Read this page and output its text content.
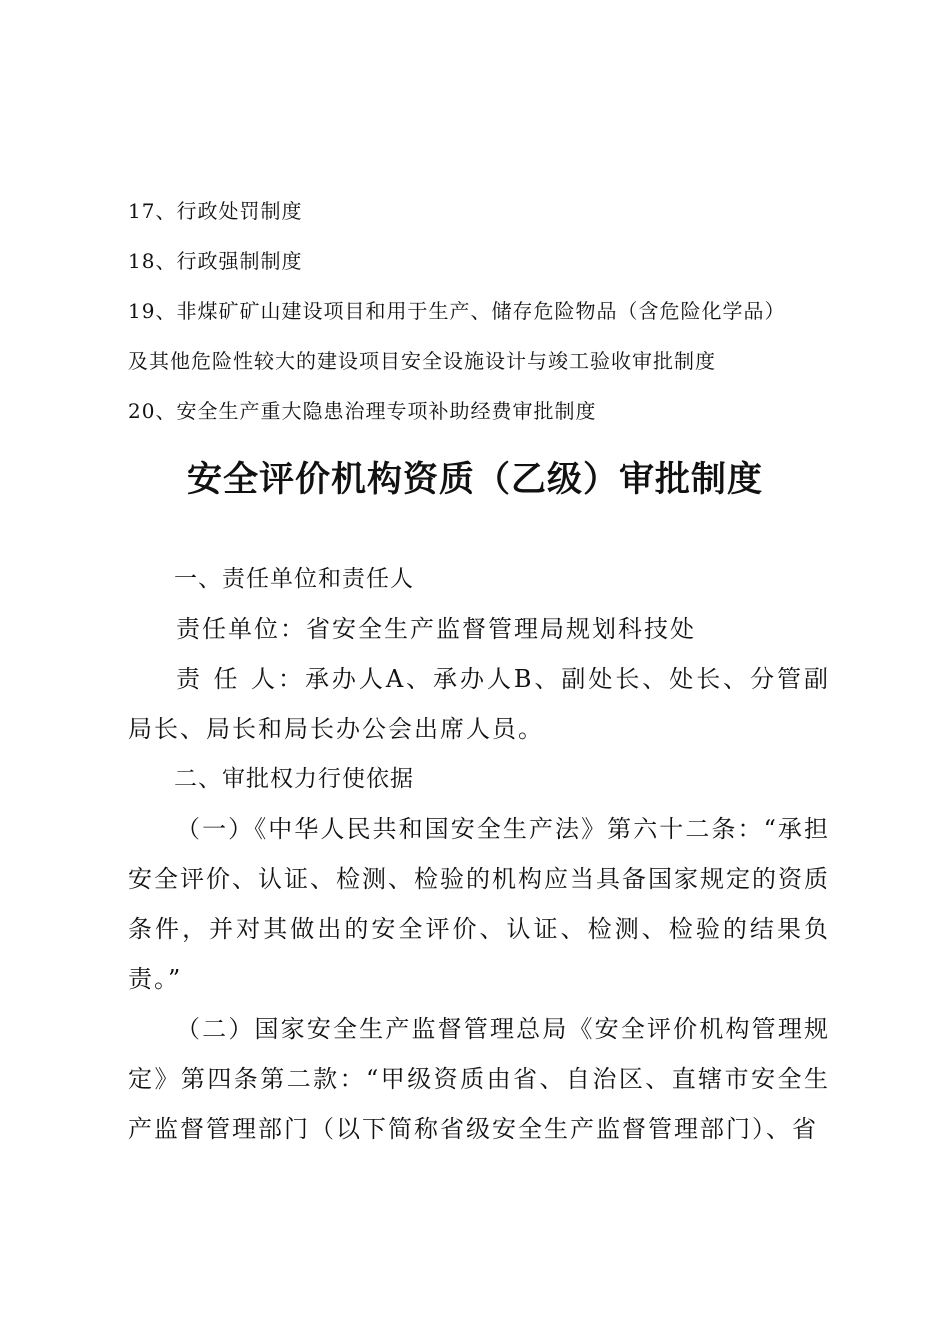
17、行政处罚制度

18、行政强制制度

19、非煤矿矿山建设项目和用于生产、储存危险物品（含危险化学品）

及其他危险性较大的建设项目安全设施设计与竣工验收审批制度

20、安全生产重大隐患治理专项补助经费审批制度

安全评价机构资质（乙级）审批制度

一、责任单位和责任人

责任单位：省安全生产监督管理局规划科技处

责 任 人：承办人A、承办人B、副处长、处长、分管副局长、局长和局长办公会出席人员。

二、审批权力行使依据

（一）《中华人民共和国安全生产法》第六十二条：“承担安全评价、认证、检测、检验的机构应当具备国家规定的资质条件，并对其做出的安全评价、认证、检测、检验的结果负责。”

（二）国家安全生产监督管理总局《安全评价机构管理规定》第四条第二款：“甲级资质由省、自治区、直辖市安全生产监督管理部门（以下简称省级安全生产监督管理部门）、省
